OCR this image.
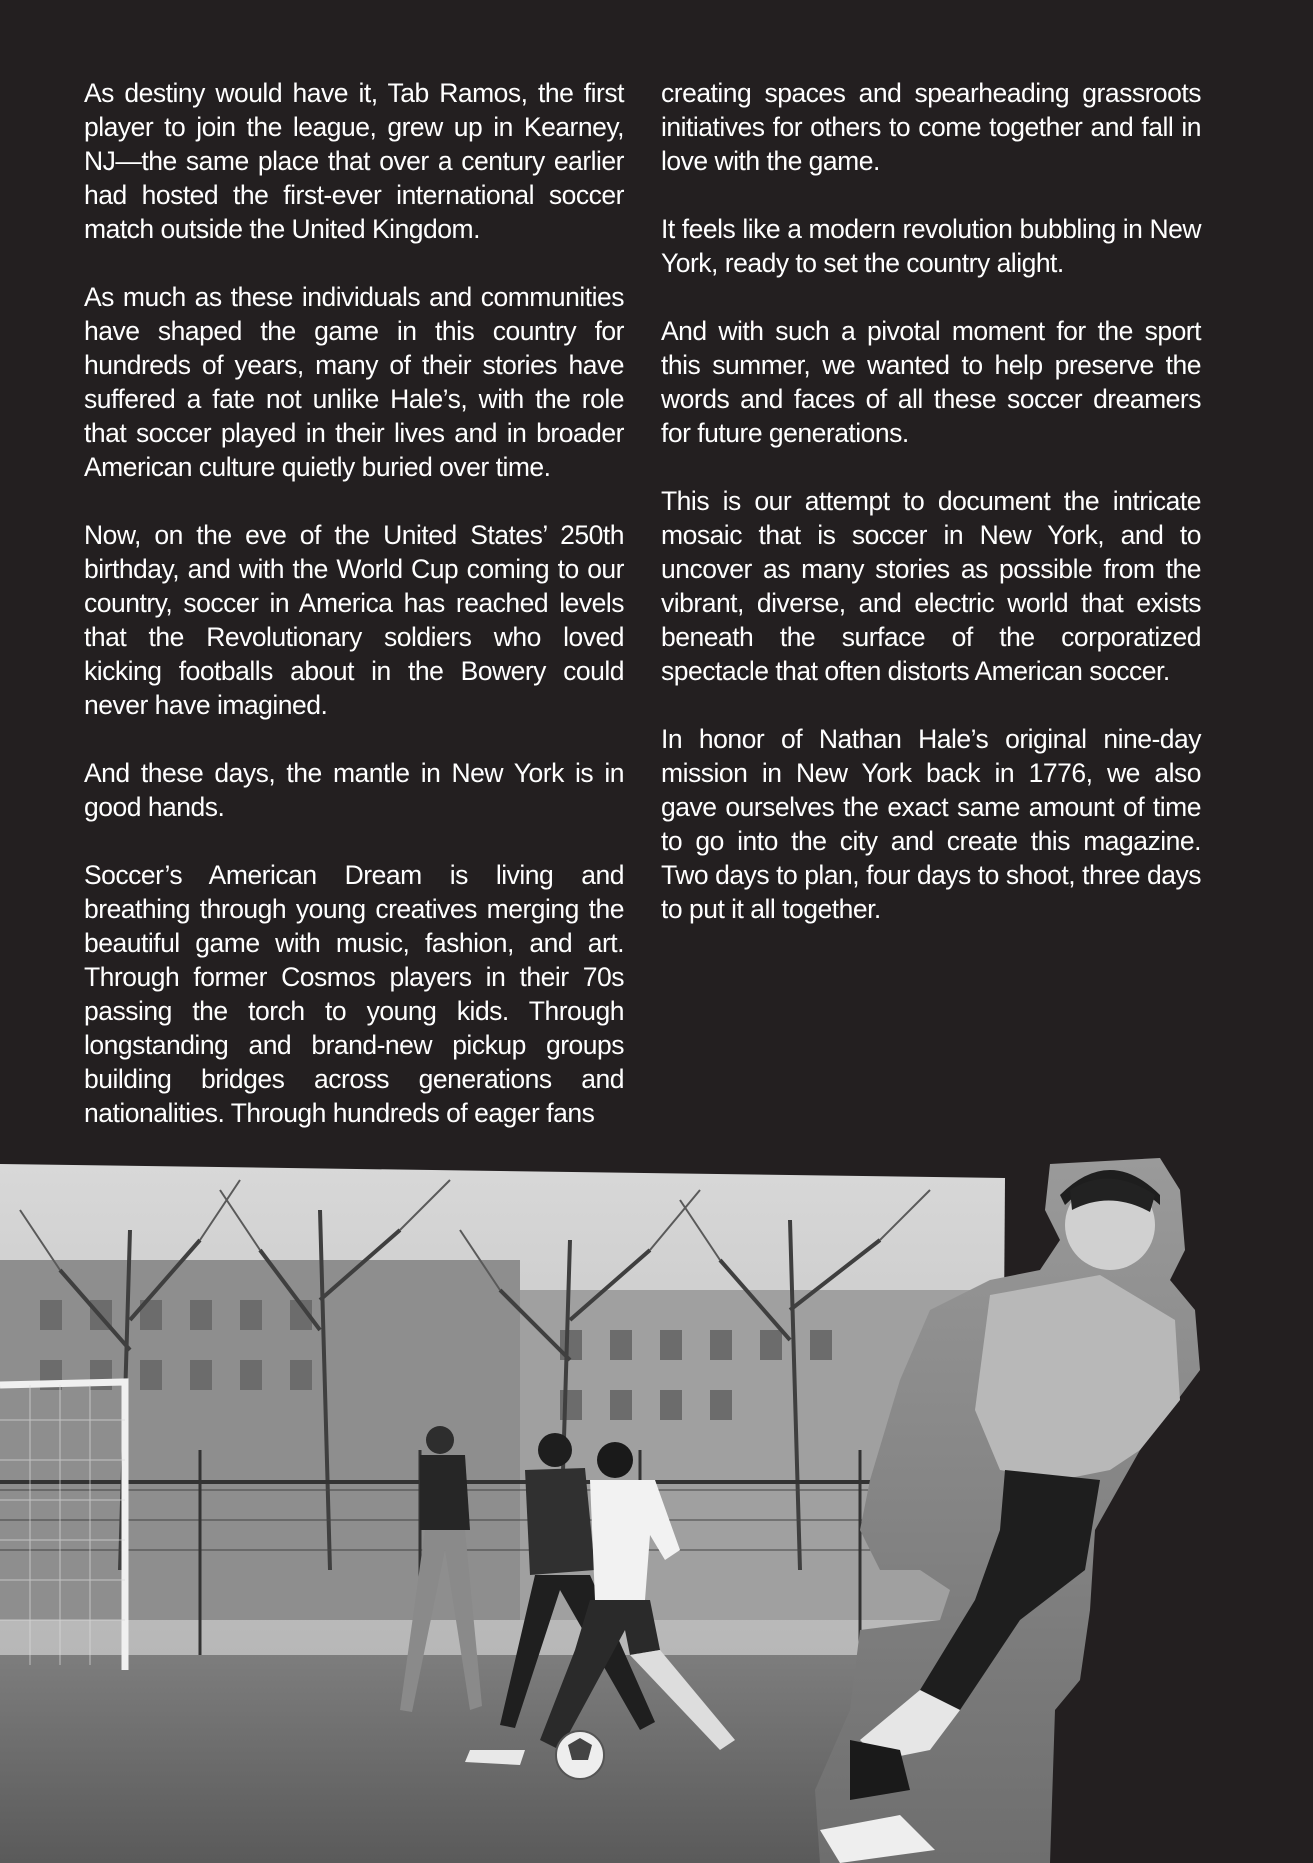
As destiny would have it, Tab Ramos, the first player to join the league, grew up in Kearney, NJ—the same place that over a century earlier had hosted the first-ever international soccer match outside the United Kingdom.

As much as these individuals and communities have shaped the game in this country for hundreds of years, many of their stories have suffered a fate not unlike Hale’s, with the role that soccer played in their lives and in broader American culture quietly buried over time.

Now, on the eve of the United States’ 250th birthday, and with the World Cup coming to our country, soccer in America has reached levels that the Revolutionary soldiers who loved kicking footballs about in the Bowery could never have imagined.

And these days, the mantle in New York is in good hands.

Soccer’s American Dream is living and breathing through young creatives merging the beautiful game with music, fashion, and art. Through former Cosmos players in their 70s passing the torch to young kids. Through longstanding and brand-new pickup groups building bridges across generations and nationalities. Through hundreds of eager fans

creating spaces and spearheading grassroots initiatives for others to come together and fall in love with the game.

It feels like a modern revolution bubbling in New York, ready to set the country alight.

And with such a pivotal moment for the sport this summer, we wanted to help preserve the words and faces of all these soccer dreamers for future generations.

This is our attempt to document the intricate mosaic that is soccer in New York, and to uncover as many stories as possible from the vibrant, diverse, and electric world that exists beneath the surface of the corporatized spectacle that often distorts American soccer.

In honor of Nathan Hale’s original nine-day mission in New York back in 1776, we also gave ourselves the exact same amount of time to go into the city and create this magazine. Two days to plan, four days to shoot, three days to put it all together.
